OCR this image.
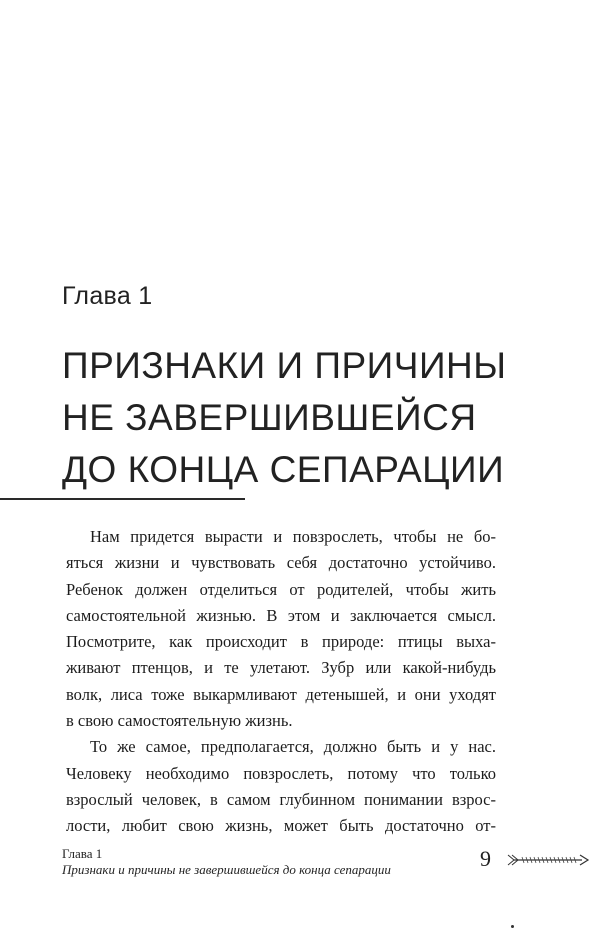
Глава 1
ПРИЗНАКИ И ПРИЧИНЫ
НЕ ЗАВЕРШИВШЕЙСЯ
ДО КОНЦА СЕПАРАЦИИ
Нам придется вырасти и повзрослеть, чтобы не бо-
яться жизни и чувствовать себя достаточно устойчиво.
Ребенок должен отделиться от родителей, чтобы жить
самостоятельной жизнью. В этом и заключается смысл.
Посмотрите, как происходит в природе: птицы выха-
живают птенцов, и те улетают. Зубр или какой-нибудь
волк, лиса тоже выкармливают детенышей, и они уходят
в свою самостоятельную жизнь.
То же самое, предполагается, должно быть и у нас.
Человеку необходимо повзрослеть, потому что только
взрослый человек, в самом глубинном понимании взрос-
лости, любит свою жизнь, может быть достаточно от-
Глава 1
Признаки и причины не завершившейся до конца сепарации	9
